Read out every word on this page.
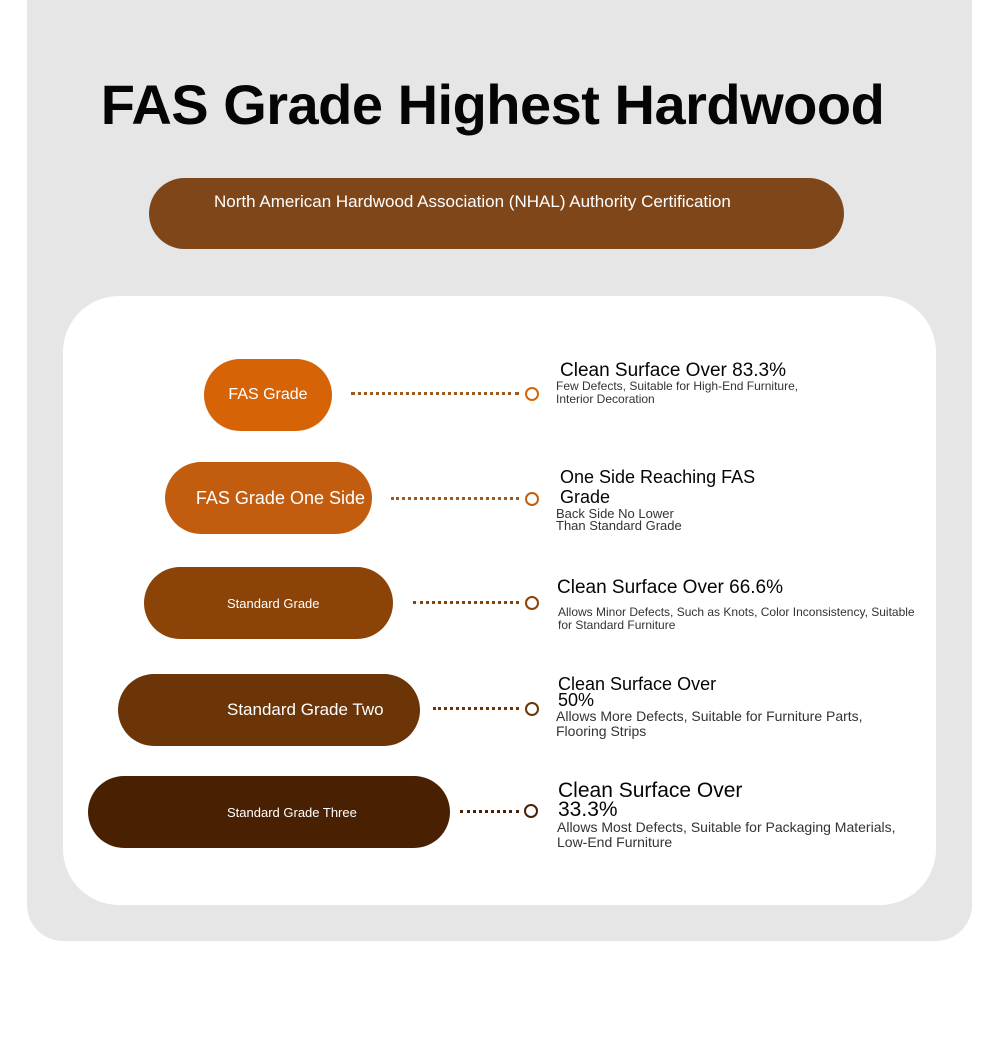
FAS Grade Highest Hardwood
North American Hardwood Association (NHAL) Authority Certification
FAS Grade
Clean Surface Over 83.3%
Few Defects, Suitable for High-End Furniture, Interior Decoration
FAS Grade One Side
One Side Reaching FAS Grade
Back Side No Lower Than Standard Grade
Standard Grade
Clean Surface Over 66.6%
Allows Minor Defects, Such as Knots, Color Inconsistency, Suitable for Standard Furniture
Standard Grade Two
Clean Surface Over 50%
Allows More Defects, Suitable for Furniture Parts, Flooring Strips
Standard Grade Three
Clean Surface Over 33.3%
Allows Most Defects, Suitable for Packaging Materials, Low-End Furniture
